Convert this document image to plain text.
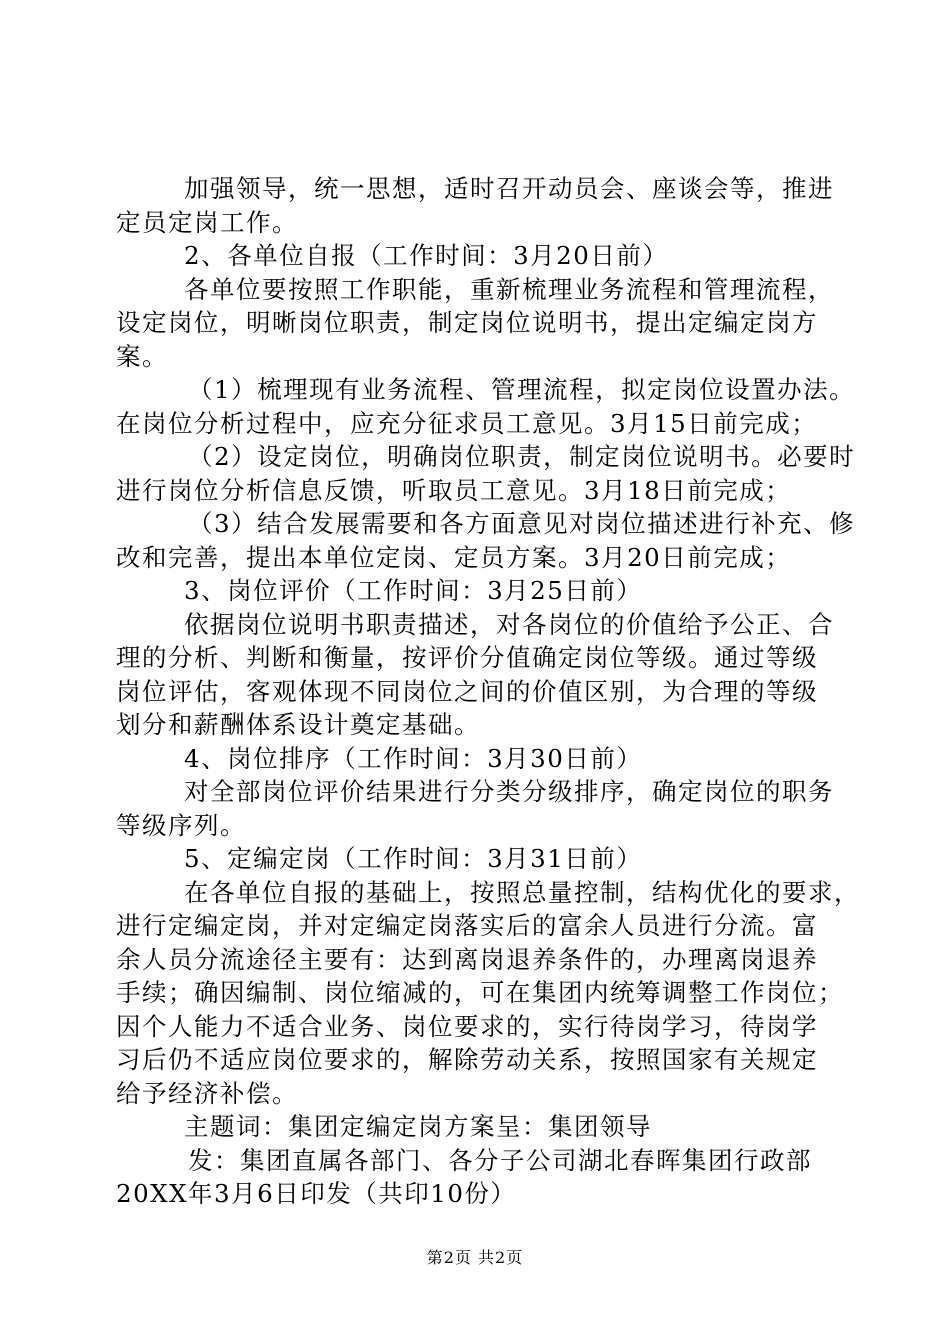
加强领导，统一思想，适时召开动员会、座谈会等，推进
定员定岗工作。
2、各单位自报（工作时间：3月20日前）
各单位要按照工作职能，重新梳理业务流程和管理流程，
设定岗位，明晰岗位职责，制定岗位说明书，提出定编定岗方
案。
（1）梳理现有业务流程、管理流程，拟定岗位设置办法。
在岗位分析过程中，应充分征求员工意见。3月15日前完成；
（2）设定岗位，明确岗位职责，制定岗位说明书。必要时
进行岗位分析信息反馈，听取员工意见。3月18日前完成；
（3）结合发展需要和各方面意见对岗位描述进行补充、修
改和完善，提出本单位定岗、定员方案。3月20日前完成；
3、岗位评价（工作时间：3月25日前）
依据岗位说明书职责描述，对各岗位的价值给予公正、合
理的分析、判断和衡量，按评价分值确定岗位等级。通过等级
岗位评估，客观体现不同岗位之间的价值区别，为合理的等级
划分和薪酬体系设计奠定基础。
4、岗位排序（工作时间：3月30日前）
对全部岗位评价结果进行分类分级排序，确定岗位的职务
等级序列。
5、定编定岗（工作时间：3月31日前）
在各单位自报的基础上，按照总量控制，结构优化的要求，
进行定编定岗，并对定编定岗落实后的富余人员进行分流。富
余人员分流途径主要有：达到离岗退养条件的，办理离岗退养
手续；确因编制、岗位缩减的，可在集团内统筹调整工作岗位；
因个人能力不适合业务、岗位要求的，实行待岗学习，待岗学
习后仍不适应岗位要求的，解除劳动关系，按照国家有关规定
给予经济补偿。
主题词：集团定编定岗方案呈：集团领导
发：集团直属各部门、各分子公司湖北春晖集团行政部
20XX年3月6日印发（共印10份）
第2页 共2页
